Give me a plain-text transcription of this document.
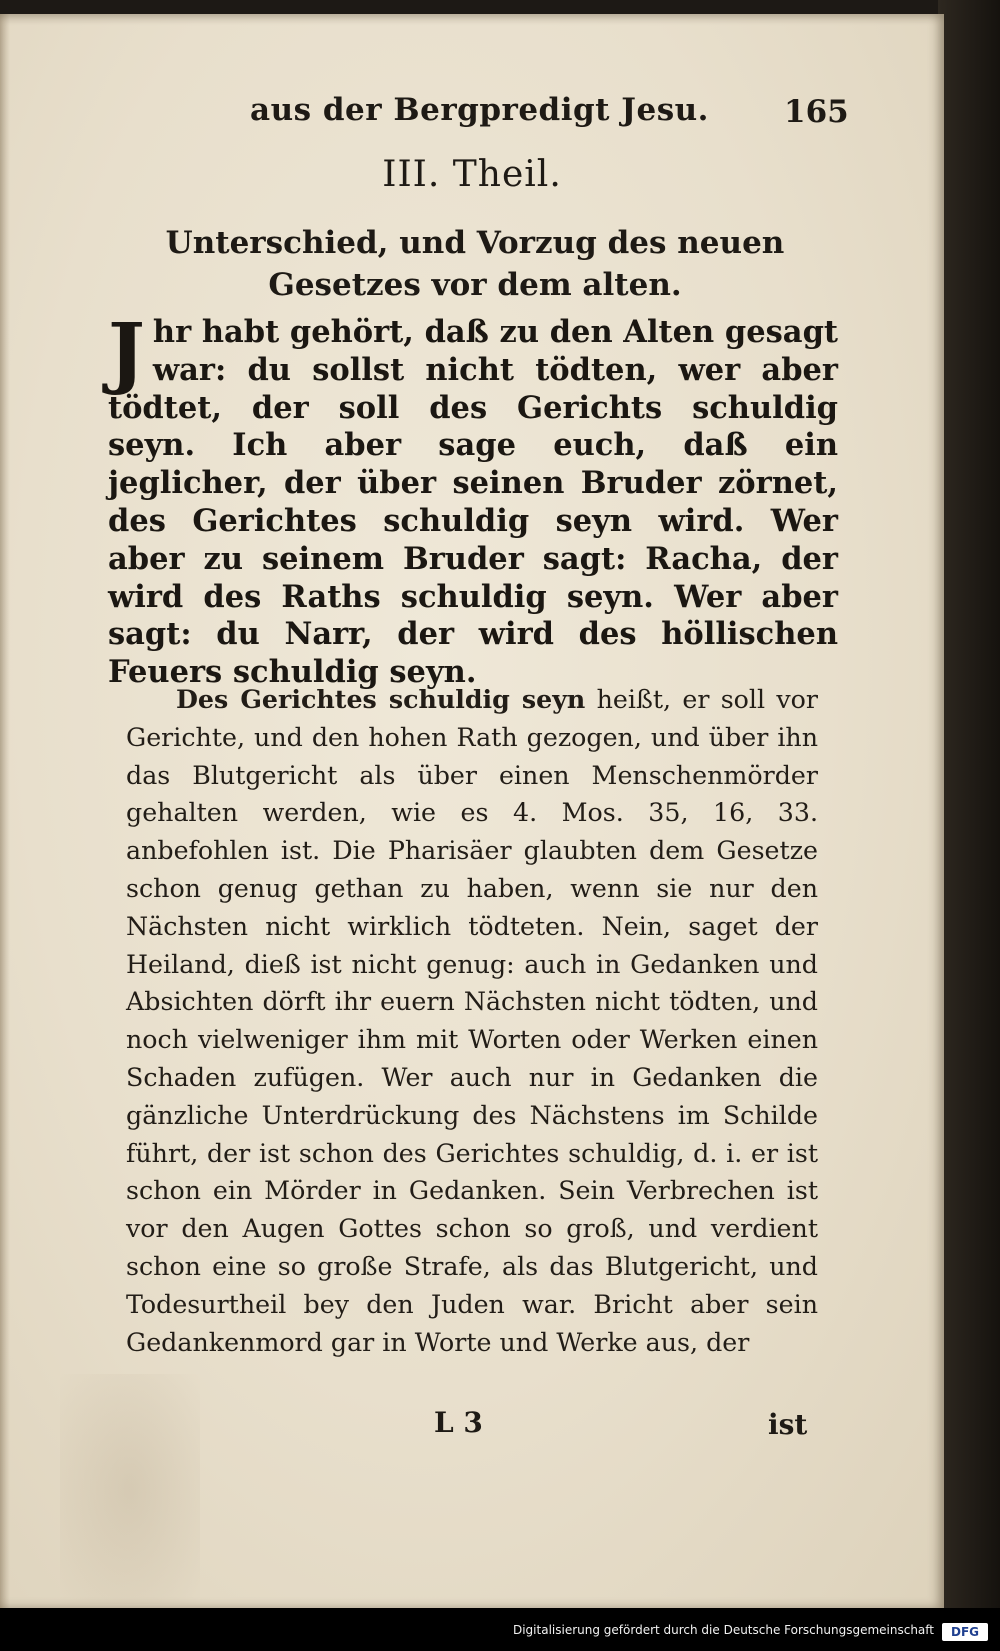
aus der Bergpredigt Jesu. 165
III. Theil.
Unterschied, und Vorzug des neuen Gesetzes vor dem alten.

Jhr habt gehört, daß zu den Alten gesagt war: du sollst nicht tödten, wer aber tödtet, der soll des Gerichts schuldig seyn. Ich aber sage euch, daß ein jeglicher, der über seinen Bruder zörnet, des Gerichtes schuldig seyn wird. Wer aber zu seinem Bruder sagt: Racha, der wird des Raths schuldig seyn. Wer aber sagt: du Narr, der wird des höllischen Feuers schuldig seyn.

Des Gerichtes schuldig seyn heißt, er soll vor Gerichte, und den hohen Rath gezogen, und über ihn das Blutgericht als über einen Menschenmörder gehalten werden, wie es 4. Mos. 35, 16, 33. anbefohlen ist. Die Pharisäer glaubten dem Gesetze schon genug gethan zu haben, wenn sie nur den Nächsten nicht wirklich tödteten. Nein, saget der Heiland, dieß ist nicht genug: auch in Gedanken und Absichten dörft ihr euern Nächsten nicht tödten, und noch vielweniger ihm mit Worten oder Werken einen Schaden zufügen. Wer auch nur in Gedanken die gänzliche Unterdrückung des Nächstens im Schilde führt, der ist schon des Gerichtes schuldig, d. i. er ist schon ein Mörder in Gedanken. Sein Verbrechen ist vor den Augen Gottes schon so groß, und verdient schon eine so große Strafe, als das Blutgericht, und Todesurtheil bey den Juden war. Bricht aber sein Gedankenmord gar in Worte und Werke aus, der

L 3	ist
Digitalisierung gefördert durch die Deutsche Forschungsgemeinschaft	DFG
